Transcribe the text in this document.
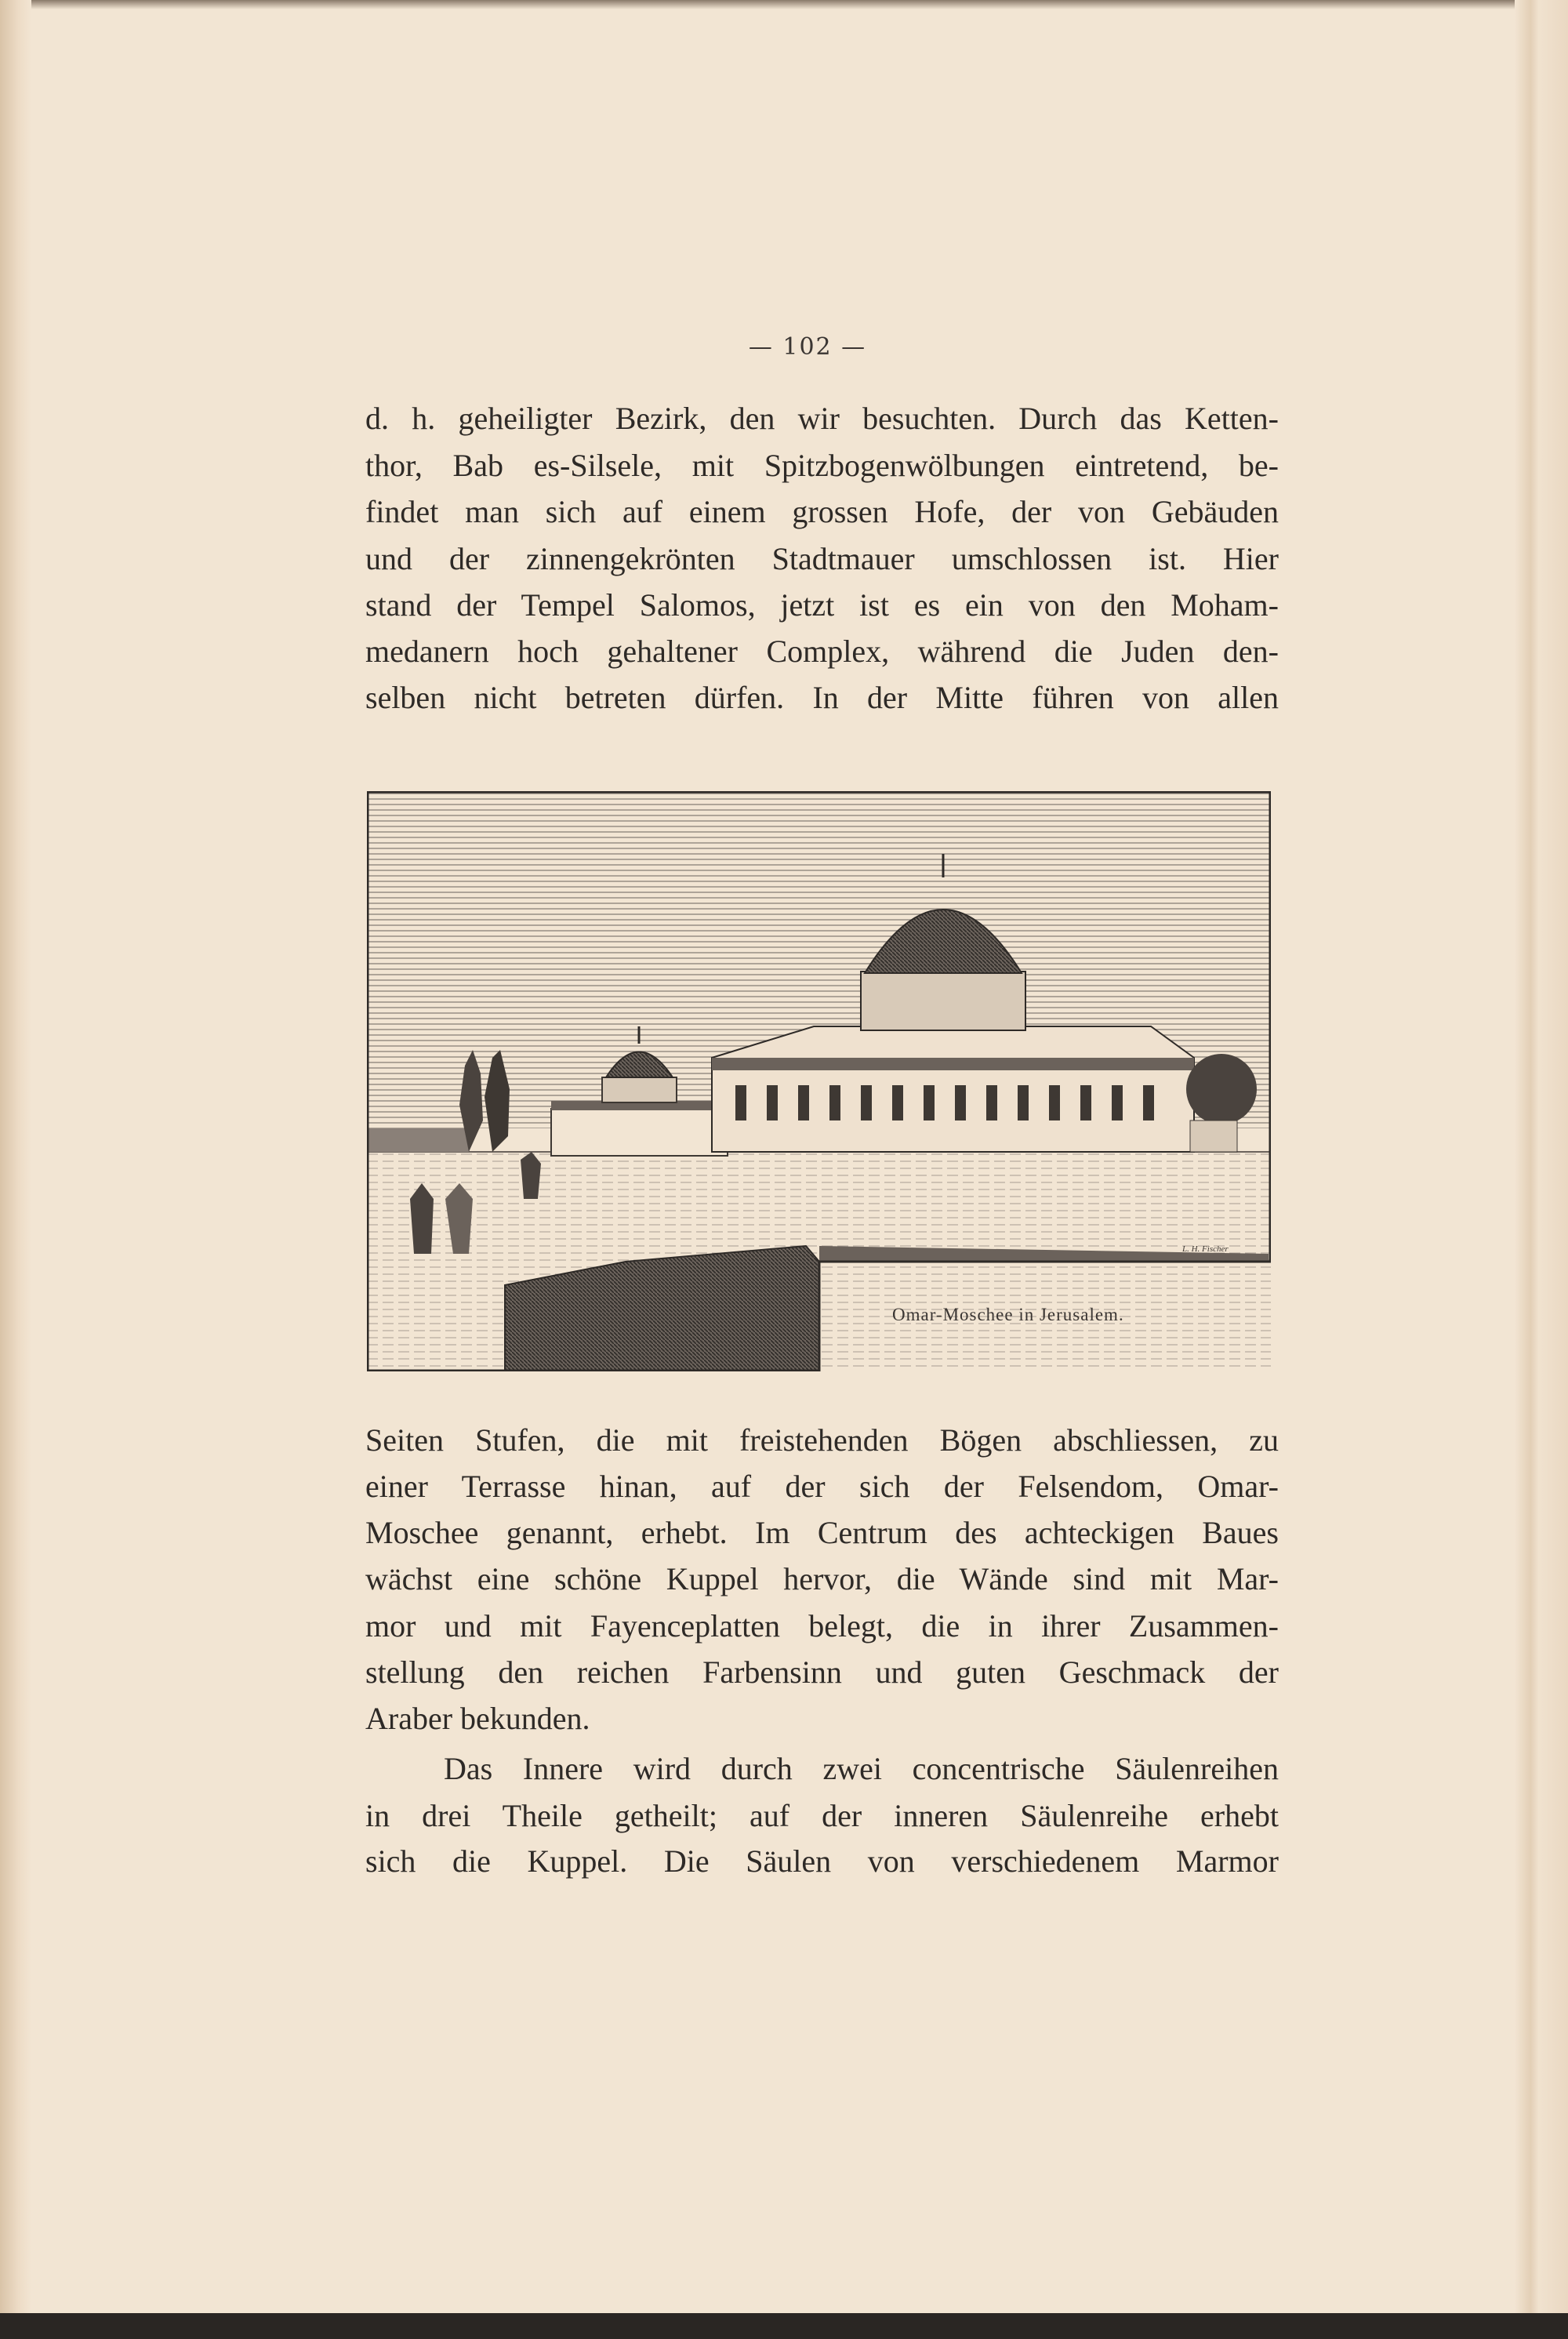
— 102 —
d. h. geheiligter Bezirk, den wir besuchten. Durch das Ketten-
thor, Bab es-Silsele, mit Spitzbogenwölbungen eintretend, be-
findet man sich auf einem grossen Hofe, der von Gebäuden
und der zinnengekrönten Stadtmauer umschlossen ist. Hier
stand der Tempel Salomos, jetzt ist es ein von den Moham-
medanern hoch gehaltener Complex, während die Juden den-
selben nicht betreten dürfen. In der Mitte führen von allen
L. H. Fischer
Omar-Moschee in Jerusalem.
Seiten Stufen, die mit freistehenden Bögen abschliessen, zu
einer Terrasse hinan, auf der sich der Felsendom, Omar-
Moschee genannt, erhebt. Im Centrum des achteckigen Baues
wächst eine schöne Kuppel hervor, die Wände sind mit Mar-
mor und mit Fayenceplatten belegt, die in ihrer Zusammen-
stellung den reichen Farbensinn und guten Geschmack der
Araber bekunden.
Das Innere wird durch zwei concentrische Säulenreihen
in drei Theile getheilt; auf der inneren Säulenreihe erhebt
sich die Kuppel. Die Säulen von verschiedenem Marmor
